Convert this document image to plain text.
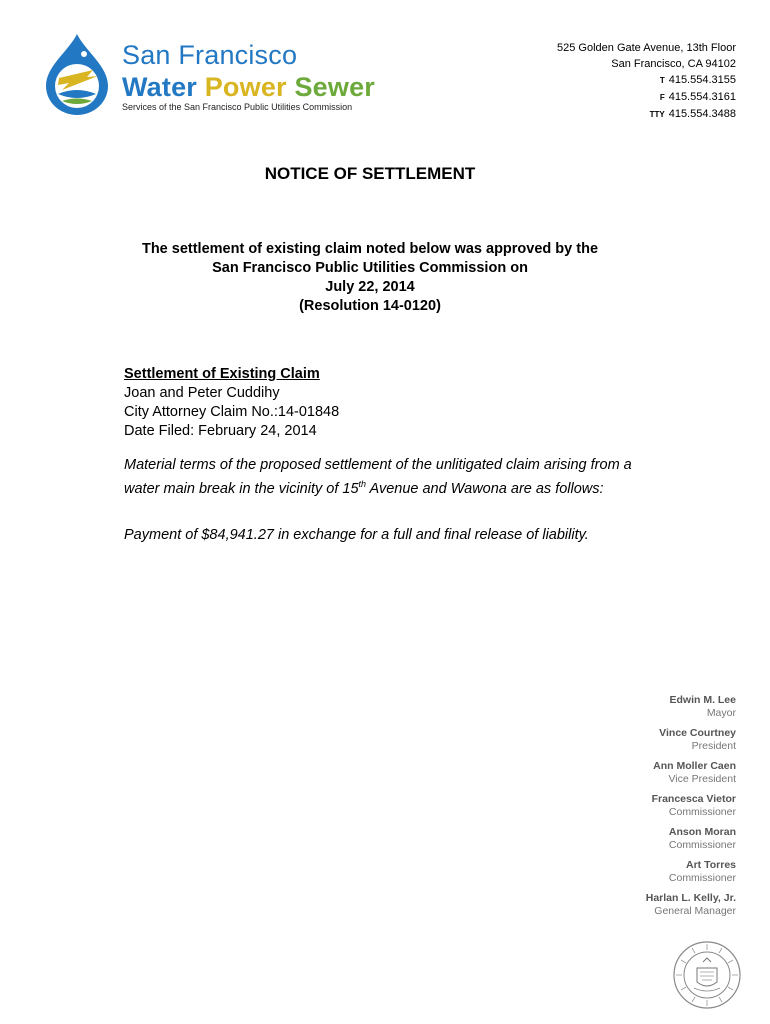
San Francisco
Water Power Sewer
Services of the San Francisco Public Utilities Commission
525 Golden Gate Avenue, 13th Floor
San Francisco, CA 94102
T 415.554.3155
F 415.554.3161
TTY 415.554.3488
NOTICE OF SETTLEMENT
The settlement of existing claim noted below was approved by the
San Francisco Public Utilities Commission on
July 22, 2014
(Resolution 14-0120)
Settlement of Existing Claim
Joan and Peter Cuddihy
City Attorney Claim No.:14-01848
Date Filed: February 24, 2014
Material terms of the proposed settlement of the unlitigated claim arising from a water main break in the vicinity of 15th Avenue and Wawona are as follows:
Payment of $84,941.27 in exchange for a full and final release of liability.
Edwin M. Lee
Mayor
Vince Courtney
President
Ann Moller Caen
Vice President
Francesca Vietor
Commissioner
Anson Moran
Commissioner
Art Torres
Commissioner
Harlan L. Kelly, Jr.
General Manager
